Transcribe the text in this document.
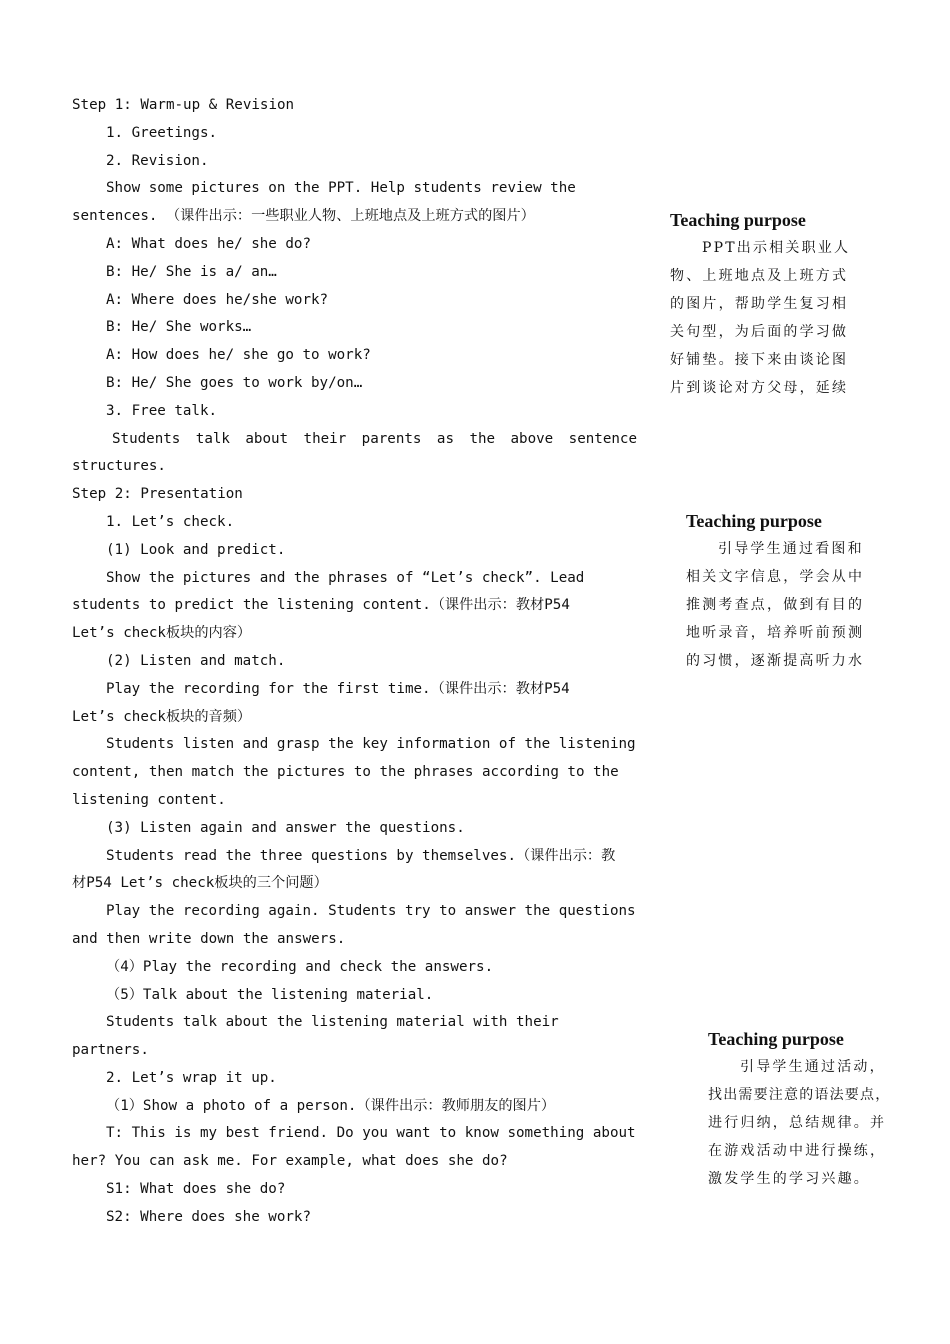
Step 1: Warm-up & Revision
1. Greetings.
2. Revision.
Show some pictures on the PPT. Help students review the
sentences. （课件出示：一些职业人物、上班地点及上班方式的图片）
A: What does he/ she do?
B: He/ She is a/ an…
A: Where does he/she work?
B: He/ She works…
A: How does he/ she go to work?
B: He/ She goes to work by/on…
3. Free talk.
Students talk about their parents as the above sentence
structures.
Step 2: Presentation
1. Let’s check.
(1) Look and predict.
Show the pictures and the phrases of “Let’s check”. Lead
students to predict the listening content.（课件出示：教材P54
Let’s check板块的内容）
(2) Listen and match.
Play the recording for the first time.（课件出示：教材P54
Let’s check板块的音频）
Students listen and grasp the key information of the listening
content, then match the pictures to the phrases according to the
listening content.
(3) Listen again and answer the questions.
Students read the three questions by themselves.（课件出示：教
材P54 Let’s check板块的三个问题）
Play the recording again. Students try to answer the questions
and then write down the answers.
（4）Play the recording and check the answers.
（5）Talk about the listening material.
Students talk about the listening material with their
partners.
2. Let’s wrap it up.
（1）Show a photo of a person.（课件出示：教师朋友的图片）
T: This is my best friend. Do you want to know something about
her? You can ask me. For example, what does she do?
S1: What does she do?
S2: Where does she work?
Teaching purpose
PPT出示相关职业人
物、上班地点及上班方式
的图片，帮助学生复习相
关句型，为后面的学习做
好铺垫。接下来由谈论图
片到谈论对方父母，延续
Teaching purpose
引导学生通过看图和
相关文字信息，学会从中
推测考查点，做到有目的
地听录音，培养听前预测
的习惯，逐渐提高听力水
Teaching purpose
引导学生通过活动，
找出需要注意的语法要点，
进行归纳，总结规律。并
在游戏活动中进行操练，
激发学生的学习兴趣。
